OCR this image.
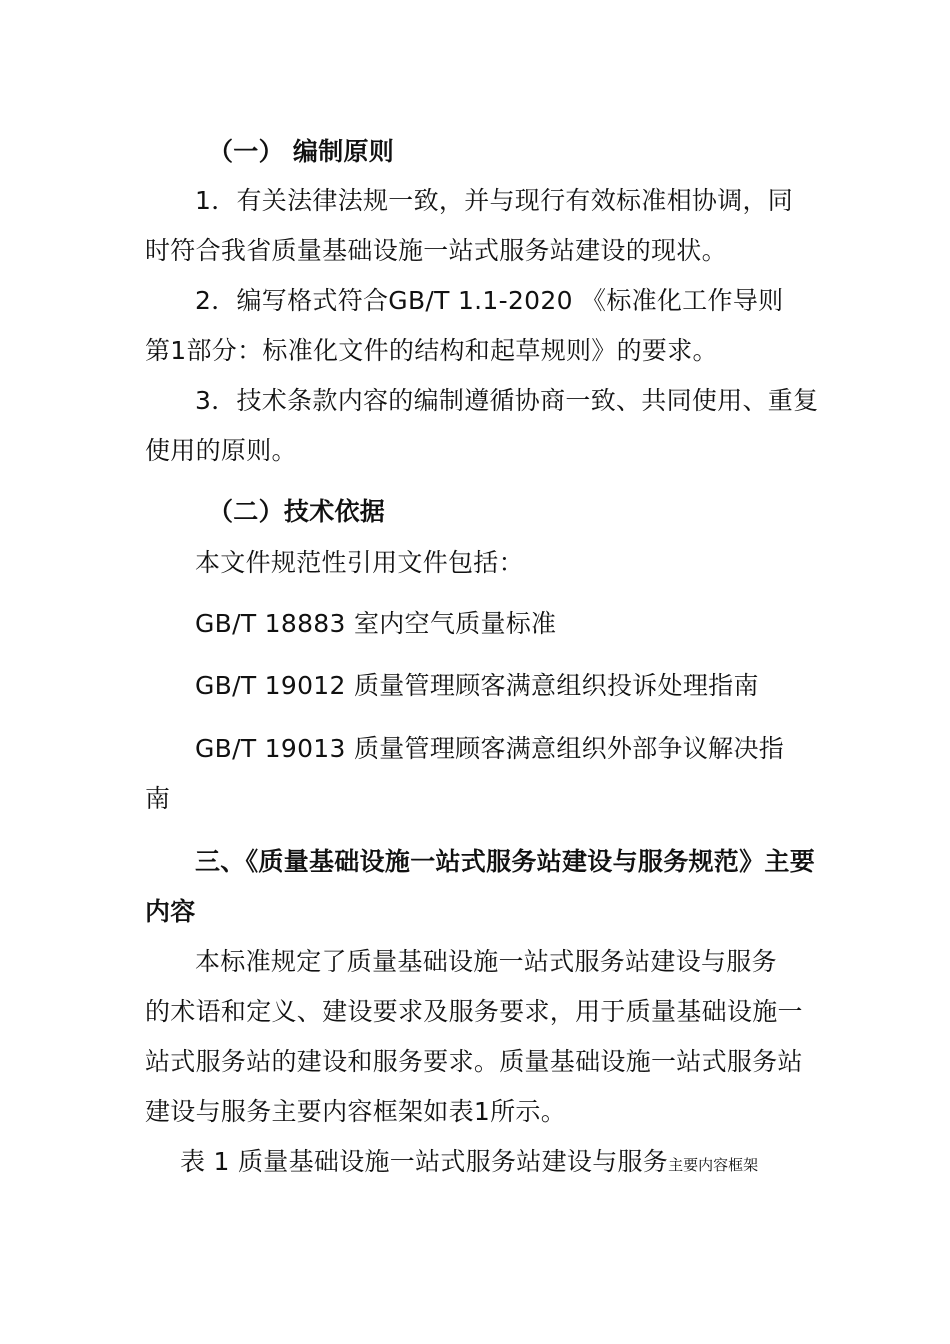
（一） 编制原则
1．有关法律法规一致，并与现行有效标准相协调，同
时符合我省质量基础设施一站式服务站建设的现状。
2．编写格式符合GB/T 1.1-2020 《标准化工作导则
第1部分：标准化文件的结构和起草规则》的要求。
3．技术条款内容的编制遵循协商一致、共同使用、重复
使用的原则。
（二）技术依据
本文件规范性引用文件包括：
GB/T 18883 室内空气质量标准
GB/T 19012 质量管理顾客满意组织投诉处理指南
GB/T 19013 质量管理顾客满意组织外部争议解决指
南
三、《质量基础设施一站式服务站建设与服务规范》主要
内容
本标准规定了质量基础设施一站式服务站建设与服务
的术语和定义、建设要求及服务要求，用于质量基础设施一
站式服务站的建设和服务要求。质量基础设施一站式服务站
建设与服务主要内容框架如表1所示。
表 1 质量基础设施一站式服务站建设与服务主要内容框架
